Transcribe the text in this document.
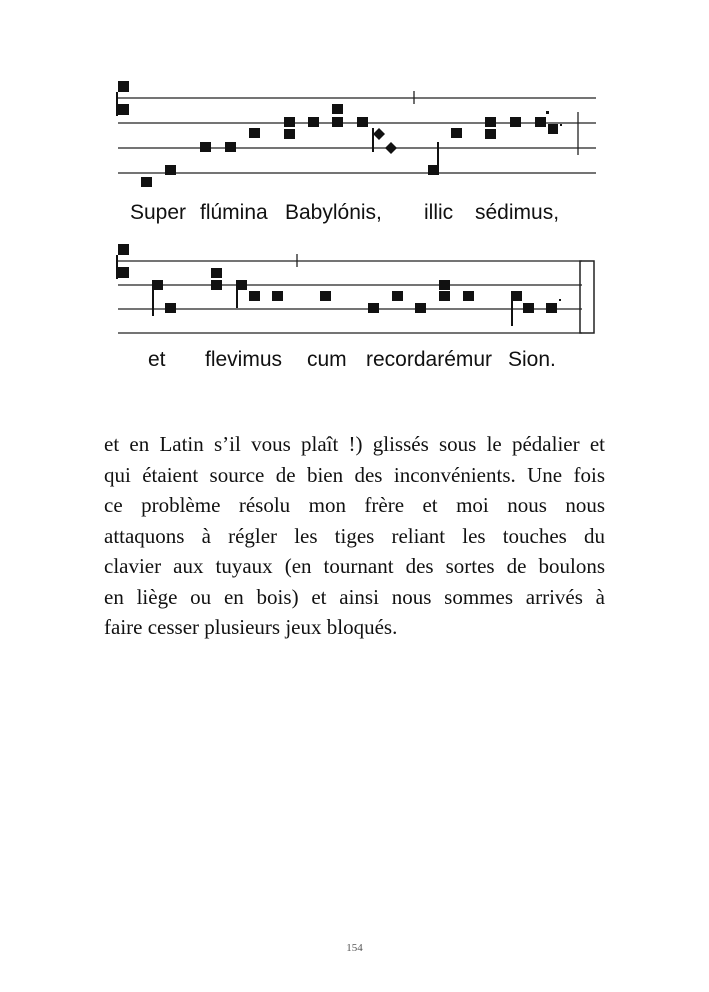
Super flúmina Babylónis, illic sédimus,
et flevimus cum recordarémur Sion.

et en Latin s’il vous plaît !) glissés sous le pédalier et
qui étaient source de bien des inconvénients. Une fois
ce problème résolu mon frère et moi nous nous
attaquons à régler les tiges reliant les touches du
clavier aux tuyaux (en tournant des sortes de boulons
en liège ou en bois) et ainsi nous sommes arrivés à
faire cesser plusieurs jeux bloqués.

154
